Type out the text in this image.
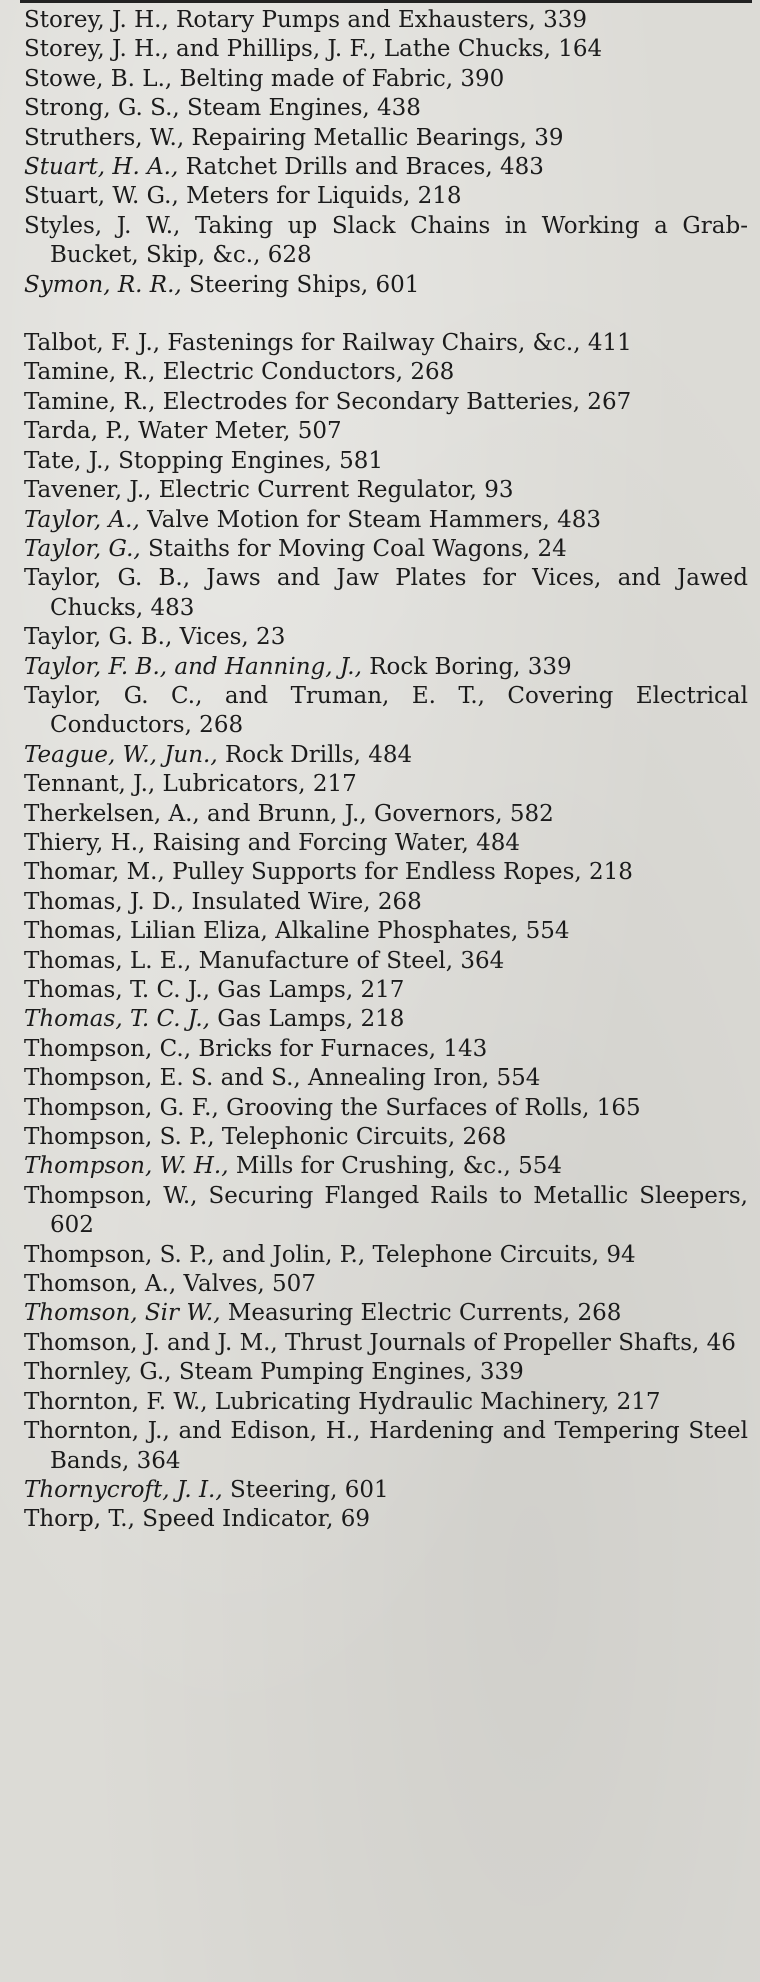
Storey, J. H., Rotary Pumps and Exhausters, 339
Storey, J. H., and Phillips, J. F., Lathe Chucks, 164
Stowe, B. L., Belting made of Fabric, 390
Strong, G. S., Steam Engines, 438
Struthers, W., Repairing Metallic Bearings, 39
Stuart, H. A., Ratchet Drills and Braces, 483
Stuart, W. G., Meters for Liquids, 218
Styles, J. W., Taking up Slack Chains in Working a Grab-Bucket, Skip, &c., 628
Symon, R. R., Steering Ships, 601
Talbot, F. J., Fastenings for Railway Chairs, &c., 411
Tamine, R., Electric Conductors, 268
Tamine, R., Electrodes for Secondary Batteries, 267
Tarda, P., Water Meter, 507
Tate, J., Stopping Engines, 581
Tavener, J., Electric Current Regulator, 93
Taylor, A., Valve Motion for Steam Hammers, 483
Taylor, G., Staiths for Moving Coal Wagons, 24
Taylor, G. B., Jaws and Jaw Plates for Vices, and Jawed Chucks, 483
Taylor, G. B., Vices, 23
Taylor, F. B., and Hanning, J., Rock Boring, 339
Taylor, G. C., and Truman, E. T., Covering Electrical Conductors, 268
Teague, W., Jun., Rock Drills, 484
Tennant, J., Lubricators, 217
Therkelsen, A., and Brunn, J., Governors, 582
Thiery, H., Raising and Forcing Water, 484
Thomar, M., Pulley Supports for Endless Ropes, 218
Thomas, J. D., Insulated Wire, 268
Thomas, Lilian Eliza, Alkaline Phosphates, 554
Thomas, L. E., Manufacture of Steel, 364
Thomas, T. C. J., Gas Lamps, 217
Thomas, T. C. J., Gas Lamps, 218
Thompson, C., Bricks for Furnaces, 143
Thompson, E. S. and S., Annealing Iron, 554
Thompson, G. F., Grooving the Surfaces of Rolls, 165
Thompson, S. P., Telephonic Circuits, 268
Thompson, W. H., Mills for Crushing, &c., 554
Thompson, W., Securing Flanged Rails to Metallic Sleepers, 602
Thompson, S. P., and Jolin, P., Telephone Circuits, 94
Thomson, A., Valves, 507
Thomson, Sir W., Measuring Electric Currents, 268
Thomson, J. and J. M., Thrust Journals of Propeller Shafts, 46
Thornley, G., Steam Pumping Engines, 339
Thornton, F. W., Lubricating Hydraulic Machinery, 217
Thornton, J., and Edison, H., Hardening and Tempering Steel Bands, 364
Thornycroft, J. I., Steering, 601
Thorp, T., Speed Indicator, 69
